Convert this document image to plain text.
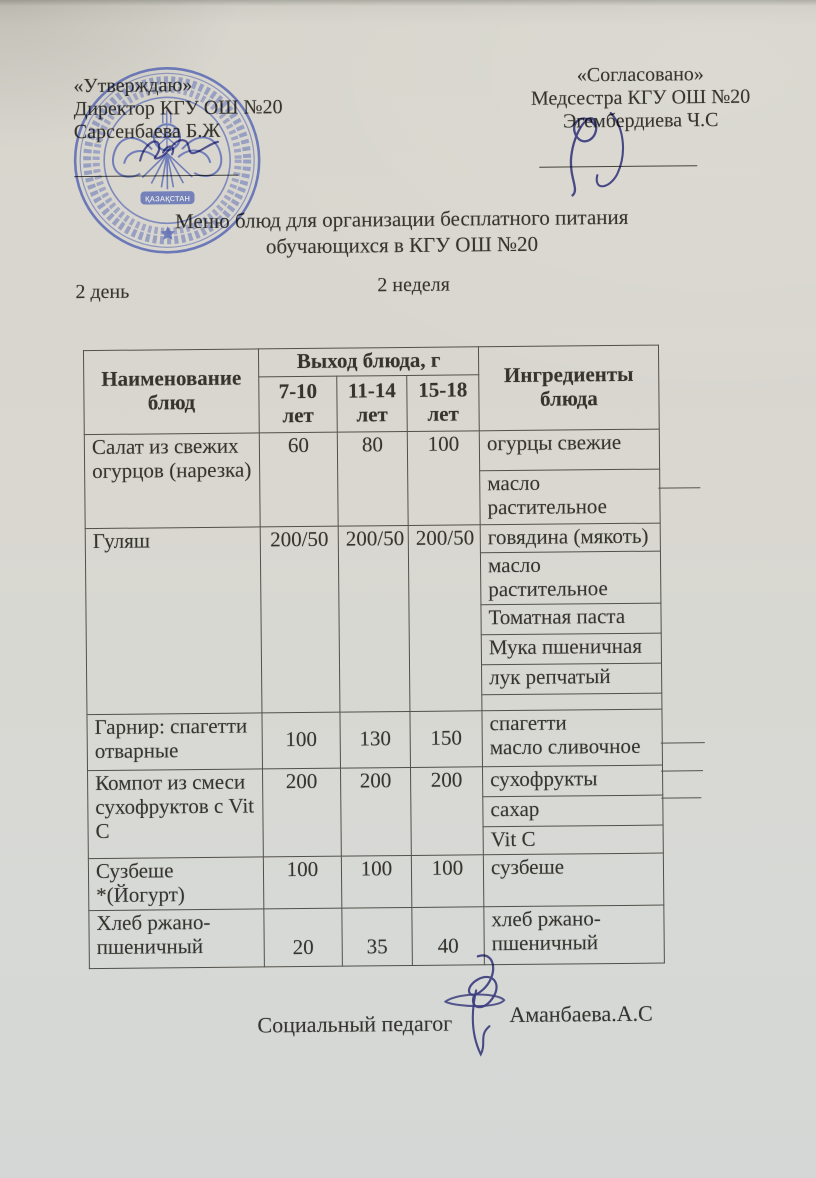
«Утверждаю»
Директор КГУ ОШ №20
Сарсенбаева Б.Ж
«Согласовано»
Медсестра КГУ ОШ №20
Эгембердиева Ч.С
Меню блюд для организации бесплатного питания
обучающихся в КГУ ОШ №20
2 день	2 неделя
Наименование
блюд	Выход блюда, г			Ингредиенты
блюда
	7-10
лет	11-14
лет	15-18
лет	
Салат из свежих
огурцов (нарезка)	60	80	100	огурцы свежие
				масло
растительное
Гуляш	200/50	200/50	200/50	говядина (мякоть)
				масло
растительное
				Томатная паста
				Мука пшеничная
				лук репчатый

Гарнир: спагетти
отварные	100	130	150	спагетти
масло сливочное
Компот из смеси
сухофруктов с Vit
C	200	200	200	сухофрукты
				сахар
				Vit C
Сузбеше
*(Йогурт)	100	100	100	сузбеше
Хлеб ржано-
пшеничный	20	35	40	хлеб ржано-
пшеничный
Социальный педагог	Аманбаева.А.С
ҚАЗАҚСТАН
